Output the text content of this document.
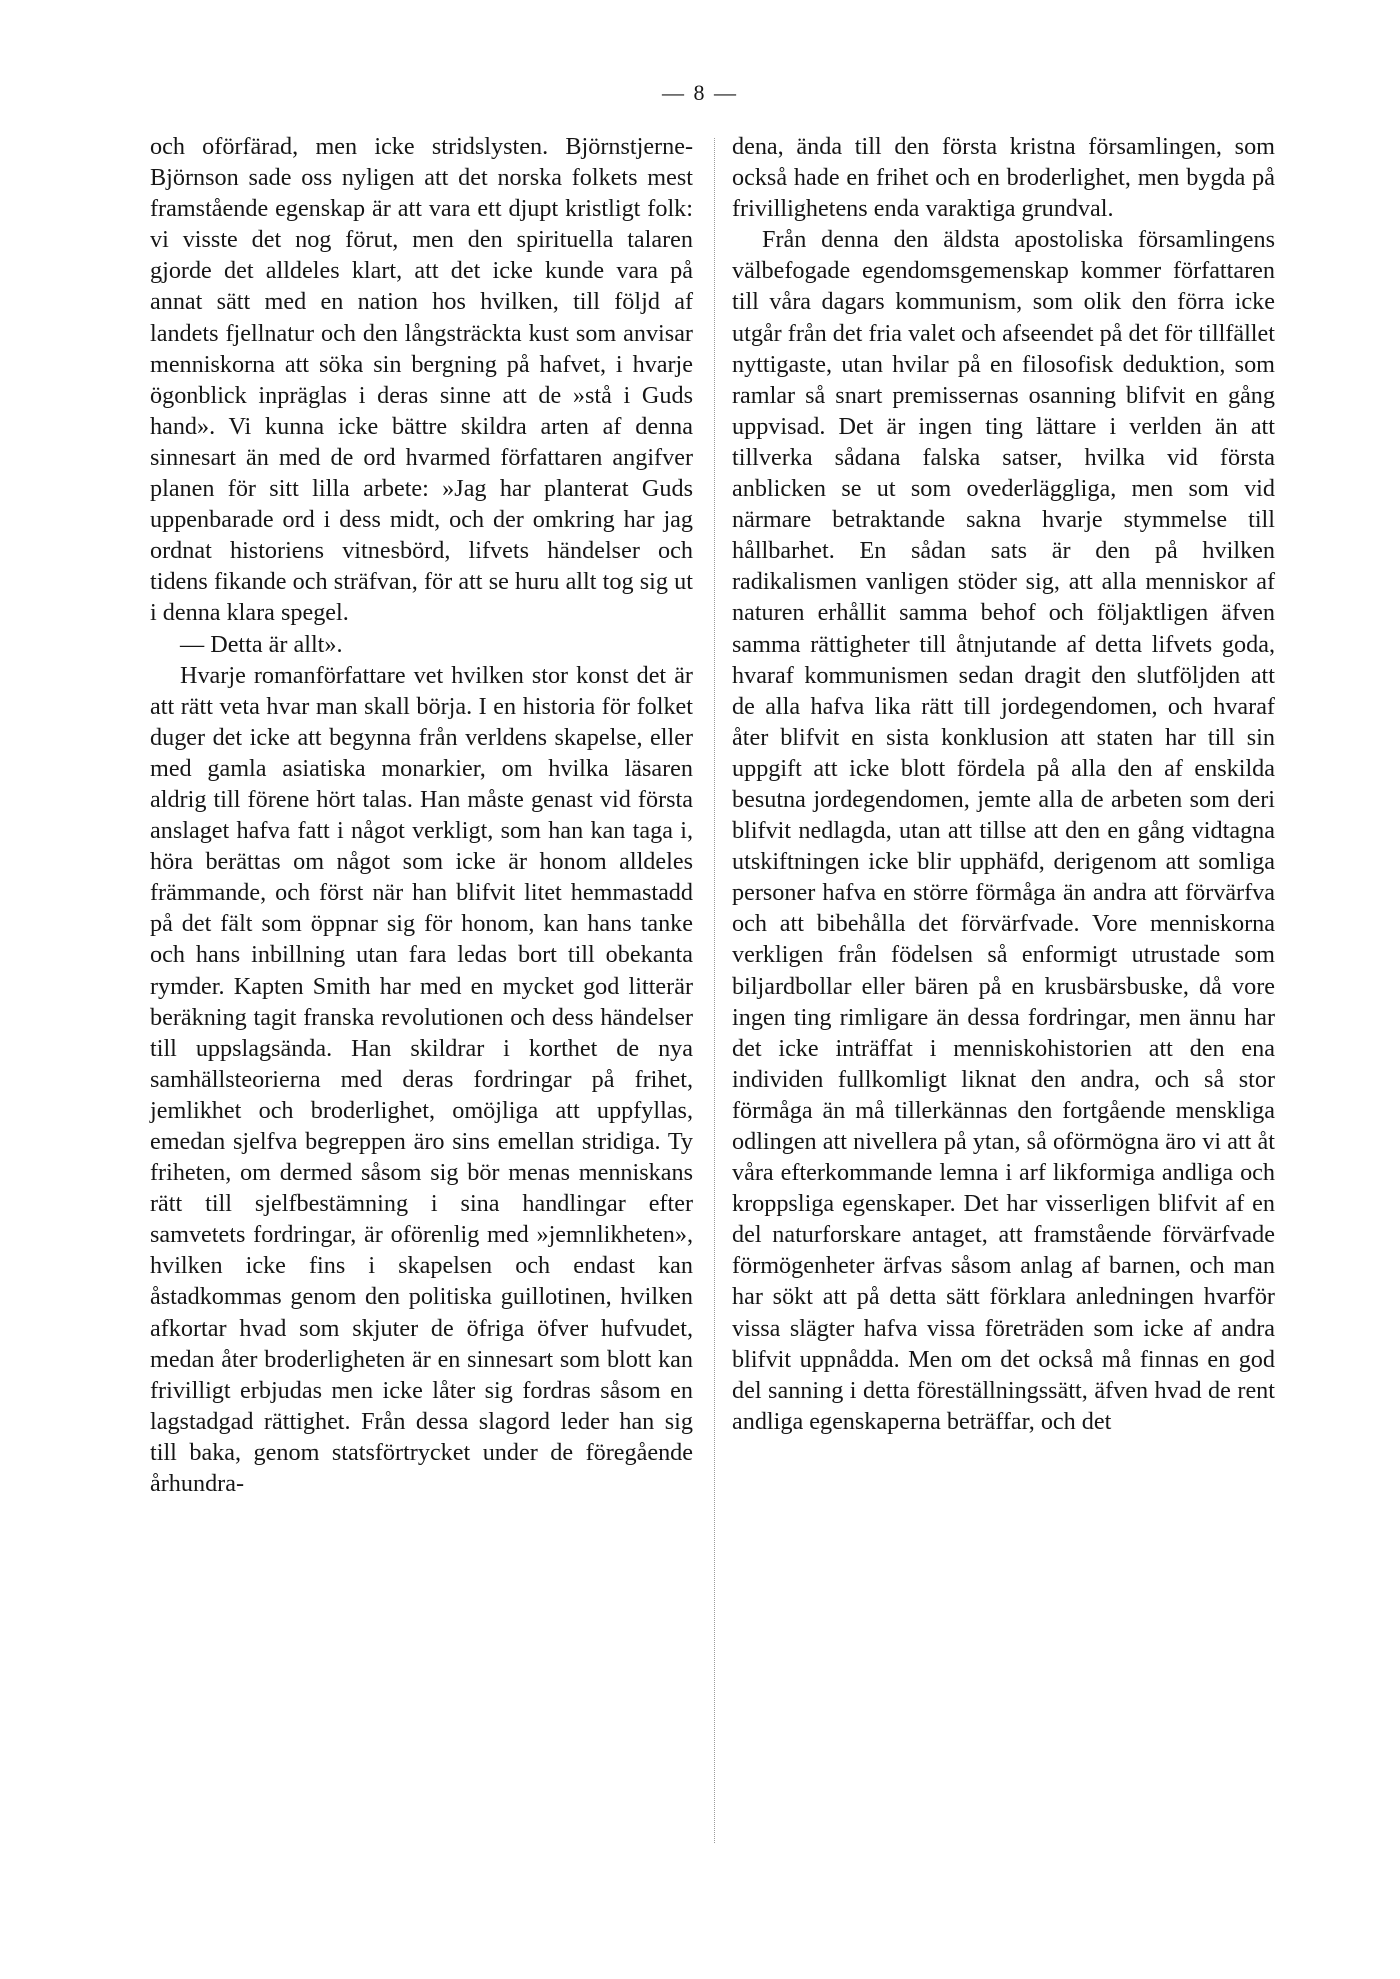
— 8 —

och oförfärad, men icke stridslysten. Björnstjerne-Björnson sade oss nyligen att det norska folkets mest framstående egenskap är att vara ett djupt kristligt folk: vi visste det nog förut, men den spirituella talaren gjorde det alldeles klart, att det icke kunde vara på annat sätt med en nation hos hvilken, till följd af landets fjellnatur och den långsträckta kust som anvisar menniskorna att söka sin bergning på hafvet, i hvarje ögonblick inpräglas i deras sinne att de »stå i Guds hand». Vi kunna icke bättre skildra arten af denna sinnesart än med de ord hvarmed författaren angifver planen för sitt lilla arbete: »Jag har planterat Guds uppenbarade ord i dess midt, och der omkring har jag ordnat historiens vitnesbörd, lifvets händelser och tidens fikande och sträfvan, för att se huru allt tog sig ut i denna klara spegel.

— Detta är allt».

Hvarje romanförfattare vet hvilken stor konst det är att rätt veta hvar man skall börja. I en historia för folket duger det icke att begynna från verldens skapelse, eller med gamla asiatiska monarkier, om hvilka läsaren aldrig till förene hört talas. Han måste genast vid första anslaget hafva fatt i något verkligt, som han kan taga i, höra berättas om något som icke är honom alldeles främmande, och först när han blifvit litet hemmastadd på det fält som öppnar sig för honom, kan hans tanke och hans inbillning utan fara ledas bort till obekanta rymder. Kapten Smith har med en mycket god litterär beräkning tagit franska revolutionen och dess händelser till uppslagsända. Han skildrar i korthet de nya samhällsteorierna med deras fordringar på frihet, jemlikhet och broderlighet, omöjliga att uppfyllas, emedan sjelfva begreppen äro sins emellan stridiga. Ty friheten, om dermed såsom sig bör menas menniskans rätt till sjelfbestämning i sina handlingar efter samvetets fordringar, är oförenlig med »jemnlikheten», hvilken icke fins i skapelsen och endast kan åstadkommas genom den politiska guillotinen, hvilken afkortar hvad som skjuter de öfriga öfver hufvudet, medan åter broderligheten är en sinnesart som blott kan frivilligt erbjudas men icke låter sig fordras såsom en lagstadgad rättighet. Från dessa slagord leder han sig till baka, genom statsförtrycket under de föregående århundra-

dena, ända till den första kristna församlingen, som också hade en frihet och en broderlighet, men bygda på frivillighetens enda varaktiga grundval.

Från denna den äldsta apostoliska församlingens välbefogade egendomsgemenskap kommer författaren till våra dagars kommunism, som olik den förra icke utgår från det fria valet och afseendet på det för tillfället nyttigaste, utan hvilar på en filosofisk deduktion, som ramlar så snart premissernas osanning blifvit en gång uppvisad. Det är ingen ting lättare i verlden än att tillverka sådana falska satser, hvilka vid första anblicken se ut som ovederläggliga, men som vid närmare betraktande sakna hvarje stymmelse till hållbarhet. En sådan sats är den på hvilken radikalismen vanligen stöder sig, att alla menniskor af naturen erhållit samma behof och följaktligen äfven samma rättigheter till åtnjutande af detta lifvets goda, hvaraf kommunismen sedan dragit den slutföljden att de alla hafva lika rätt till jordegendomen, och hvaraf åter blifvit en sista konklusion att staten har till sin uppgift att icke blott fördela på alla den af enskilda besutna jordegendomen, jemte alla de arbeten som deri blifvit nedlagda, utan att tillse att den en gång vidtagna utskiftningen icke blir upphäfd, derigenom att somliga personer hafva en större förmåga än andra att förvärfva och att bibehålla det förvärfvade. Vore menniskorna verkligen från födelsen så enformigt utrustade som biljardbollar eller bären på en krusbärsbuske, då vore ingen ting rimligare än dessa fordringar, men ännu har det icke inträffat i menniskohistorien att den ena individen fullkomligt liknat den andra, och så stor förmåga än må tillerkännas den fortgående menskliga odlingen att nivellera på ytan, så oförmögna äro vi att åt våra efterkommande lemna i arf likformiga andliga och kroppsliga egenskaper. Det har visserligen blifvit af en del naturforskare antaget, att framstående förvärfvade förmögenheter ärfvas såsom anlag af barnen, och man har sökt att på detta sätt förklara anledningen hvarför vissa slägter hafva vissa företräden som icke af andra blifvit uppnådda. Men om det också må finnas en god del sanning i detta föreställningssätt, äfven hvad de rent andliga egenskaperna beträffar, och det
